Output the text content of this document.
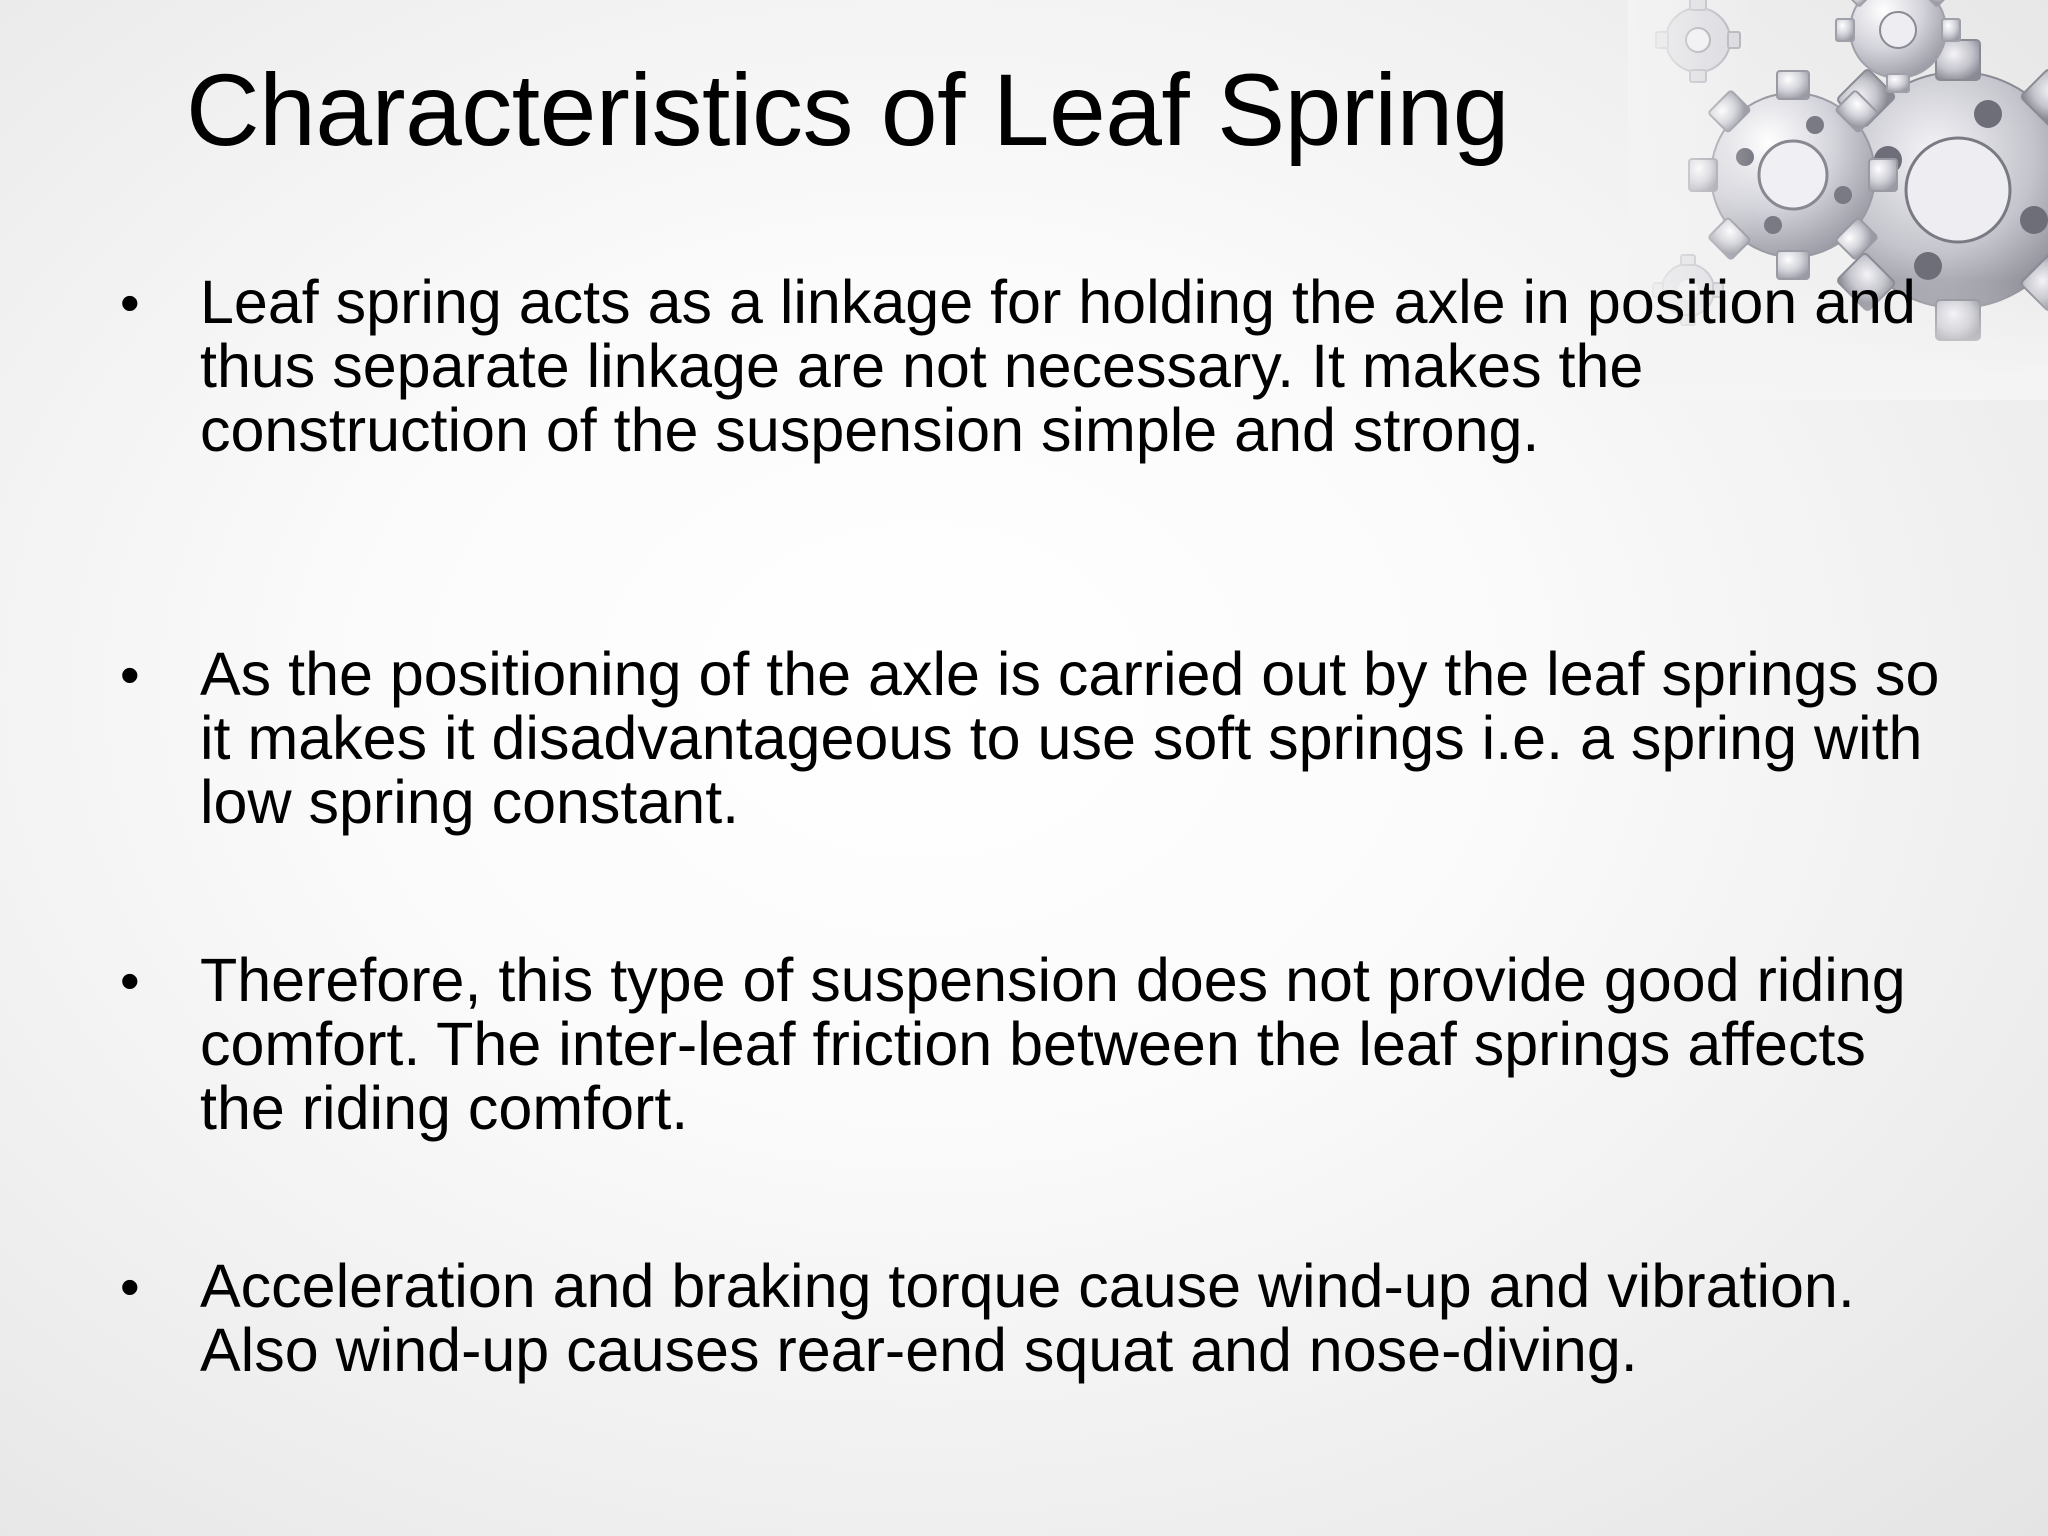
Characteristics of Leaf Spring
• Leaf spring acts as a linkage for holding the axle in position and thus separate linkage are not necessary. It makes the construction of the suspension simple and strong.
• As the positioning of the axle is carried out by the leaf springs so it makes it disadvantageous to use soft springs i.e. a spring with low spring constant.
• Therefore, this type of suspension does not provide good riding comfort. The inter-leaf friction between the leaf springs affects the riding comfort.
• Acceleration and braking torque cause wind-up and vibration. Also wind-up causes rear-end squat and nose-diving.
